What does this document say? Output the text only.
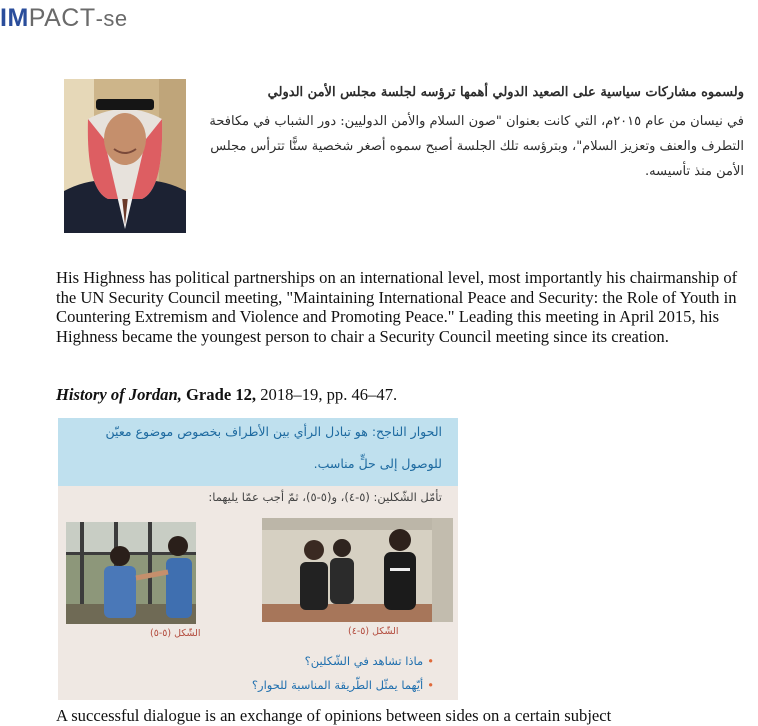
IMPACT-se
ولسموه مشاركات سياسية على الصعيد الدولي أهمها ترؤسه لجلسة مجلس الأمن الدولي
في نيسان من عام ٢٠١٥م، التي كانت بعنوان "صون السلام والأمن الدوليين: دور الشباب في مكافحة التطرف والعنف وتعزيز السلام"، وبترؤسه تلك الجلسة أصبح سموه أصغر شخصية سنًّا تترأس مجلس الأمن منذ تأسيسه.
His Highness has political partnerships on an international level, most importantly his chairmanship of the UN Security Council meeting, "Maintaining International Peace and Security: the Role of Youth in Countering Extremism and Violence and Promoting Peace." Leading this meeting in April 2015, his Highness became the youngest person to chair a Security Council meeting since its creation.
History of Jordan, Grade 12, 2018–19, pp. 46–47.
الحوار الناجح: هو تبادل الرأي بين الأطراف بخصوص موضوع معيّن
للوصول إلى حلٍّ مناسب.
تأمّل الشّكلين: (٥-٤)، و(٥-٥)، ثمّ أجب عمّا يليهما:
الشّكل (٥-٤)
الشّكل (٥-٥)
•ماذا تشاهد في الشّكلين؟
•أيّهما يمثّل الطّريقة المناسبة للحوار؟
A successful dialogue is an exchange of opinions between sides on a certain subject
